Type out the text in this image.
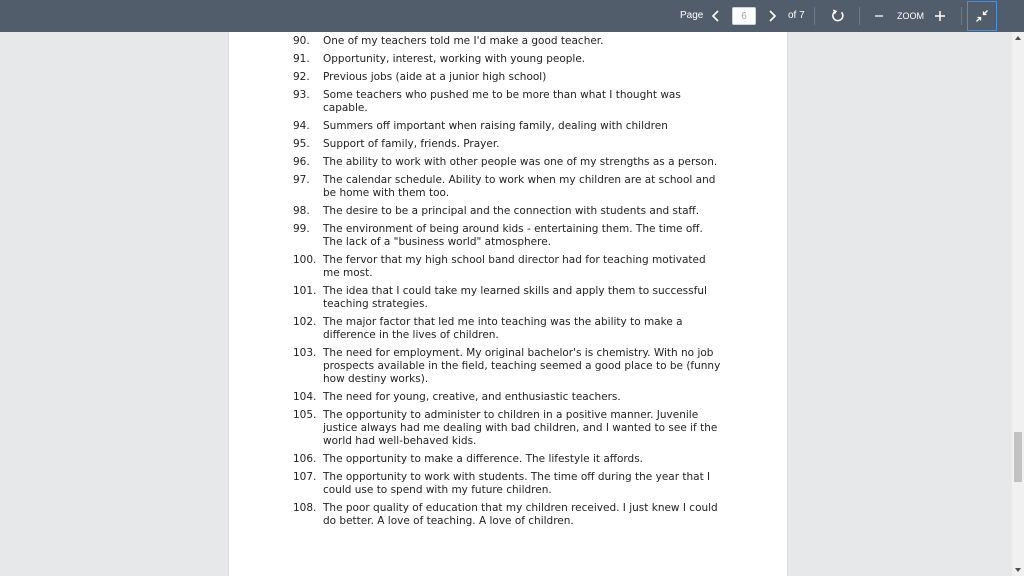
Page
6	of 7	ZOOM
90.	One of my teachers told me I'd make a good teacher.
91.	Opportunity, interest, working with young people.
92.	Previous jobs (aide at a junior high school)
93.	Some teachers who pushed me to be more than what I thought was capable.
94.	Summers off important when raising family, dealing with children
95.	Support of family, friends. Prayer.
96.	The ability to work with other people was one of my strengths as a person.
97.	The calendar schedule. Ability to work when my children are at school and be home with them too.
98.	The desire to be a principal and the connection with students and staff.
99.	The environment of being around kids - entertaining them. The time off. The lack of a "business world" atmosphere.
100. The fervor that my high school band director had for teaching motivated me most.
101. The idea that I could take my learned skills and apply them to successful teaching strategies.
102. The major factor that led me into teaching was the ability to make a difference in the lives of children.
103. The need for employment. My original bachelor's is chemistry. With no job prospects available in the field, teaching seemed a good place to be (funny how destiny works).
104. The need for young, creative, and enthusiastic teachers.
105. The opportunity to administer to children in a positive manner. Juvenile justice always had me dealing with bad children, and I wanted to see if the world had well-behaved kids.
106. The opportunity to make a difference. The lifestyle it affords.
107. The opportunity to work with students. The time off during the year that I could use to spend with my future children.
108. The poor quality of education that my children received. I just knew I could do better. A love of teaching. A love of children.
